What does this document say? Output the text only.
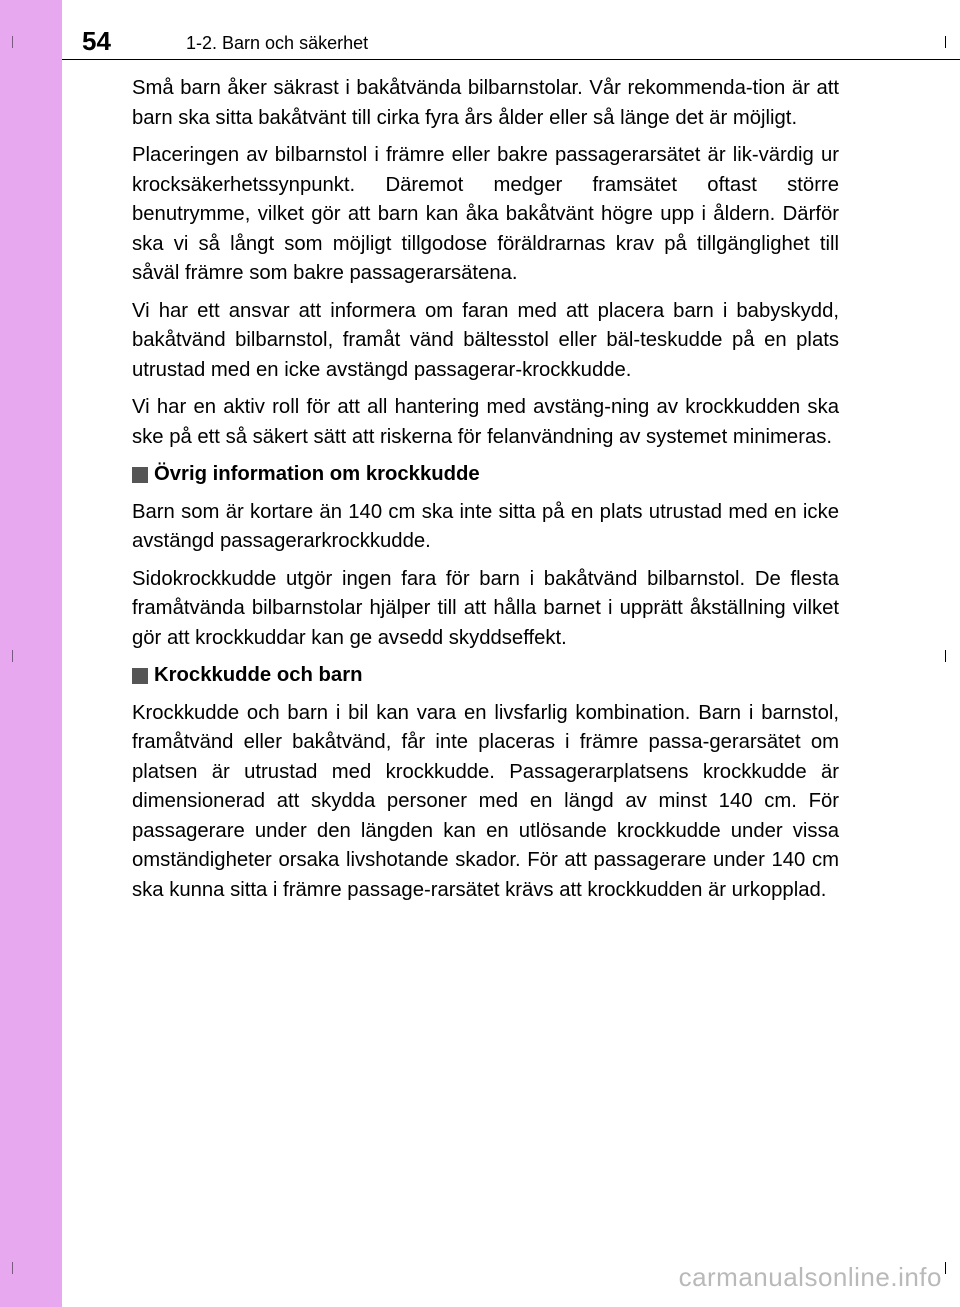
54	1-2. Barn och säkerhet

Små barn åker säkrast i bakåtvända bilbarnstolar. Vår rekommenda-tion är att barn ska sitta bakåtvänt till cirka fyra års ålder eller så länge det är möjligt.

Placeringen av bilbarnstol i främre eller bakre passagerarsätet är lik-värdig ur krocksäkerhetssynpunkt. Däremot medger framsätet oftast större benutrymme, vilket gör att barn kan åka bakåtvänt högre upp i åldern. Därför ska vi så långt som möjligt tillgodose föräldrarnas krav på tillgänglighet till såväl främre som bakre passagerarsätena.

Vi har ett ansvar att informera om faran med att placera barn i babyskydd, bakåtvänd bilbarnstol, framåt vänd bältesstol eller bäl-teskudde på en plats utrustad med en icke avstängd passagerar-krockkudde.

Vi har en aktiv roll för att all hantering med avstäng-ning av krockkudden ska ske på ett så säkert sätt att riskerna för felanvändning av systemet minimeras.

Övrig information om krockkudde

Barn som är kortare än 140 cm ska inte sitta på en plats utrustad med en icke avstängd passagerarkrockkudde.

Sidokrockkudde utgör ingen fara för barn i bakåtvänd bilbarnstol. De flesta framåtvända bilbarnstolar hjälper till att hålla barnet i upprätt åkställning vilket gör att krockkuddar kan ge avsedd skyddseffekt.

Krockkudde och barn

Krockkudde och barn i bil kan vara en livsfarlig kombination. Barn i barnstol, framåtvänd eller bakåtvänd, får inte placeras i främre passa-gerarsätet om platsen är utrustad med krockkudde. Passagerarplatsens krockkudde är dimensionerad att skydda personer med en längd av minst 140 cm. För passagerare under den längden kan en utlösande krockkudde under vissa omständigheter orsaka livshotande skador. För att passagerare under 140 cm ska kunna sitta i främre passage-rarsätet krävs att krockkudden är urkopplad.

carmanualsonline.info
